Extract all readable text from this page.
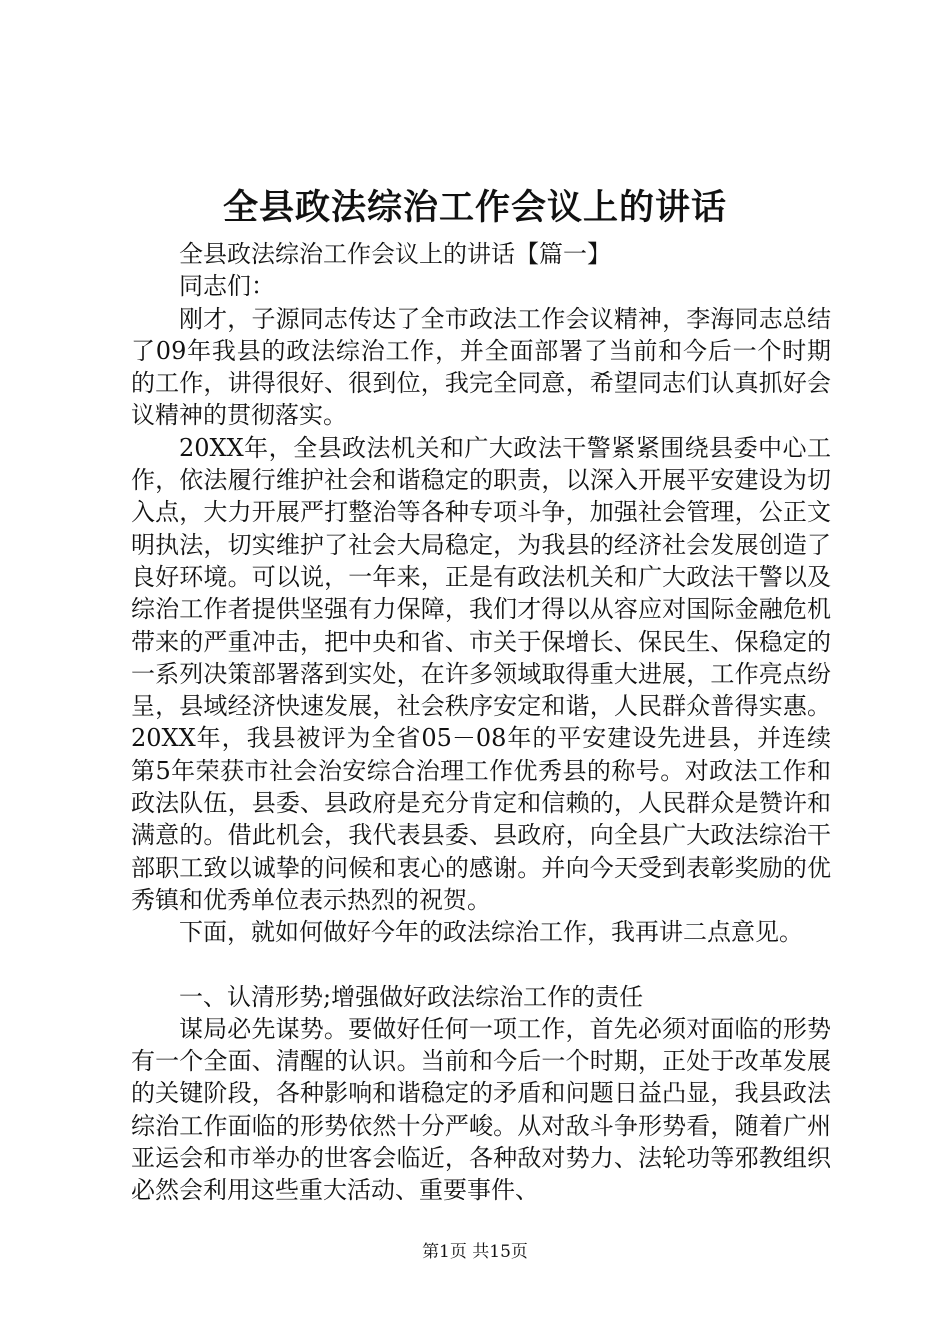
全县政法综治工作会议上的讲话

全县政法综治工作会议上的讲话【篇一】

同志们：

刚才，子源同志传达了全市政法工作会议精神，李海同志总结了09年我县的政法综治工作，并全面部署了当前和今后一个时期的工作，讲得很好、很到位，我完全同意，希望同志们认真抓好会议精神的贯彻落实。

20XX年，全县政法机关和广大政法干警紧紧围绕县委中心工作，依法履行维护社会和谐稳定的职责，以深入开展平安建设为切入点，大力开展严打整治等各种专项斗争，加强社会管理，公正文明执法，切实维护了社会大局稳定，为我县的经济社会发展创造了良好环境。可以说，一年来，正是有政法机关和广大政法干警以及综治工作者提供坚强有力保障，我们才得以从容应对国际金融危机带来的严重冲击，把中央和省、市关于保增长、保民生、保稳定的一系列决策部署落到实处，在许多领域取得重大进展，工作亮点纷呈，县域经济快速发展，社会秩序安定和谐，人民群众普得实惠。20XX年，我县被评为全省05－08年的平安建设先进县，并连续第5年荣获市社会治安综合治理工作优秀县的称号。对政法工作和政法队伍，县委、县政府是充分肯定和信赖的，人民群众是赞许和满意的。借此机会，我代表县委、县政府，向全县广大政法综治干部职工致以诚挚的问候和衷心的感谢。并向今天受到表彰奖励的优秀镇和优秀单位表示热烈的祝贺。

下面，就如何做好今年的政法综治工作，我再讲二点意见。

一、认清形势;增强做好政法综治工作的责任

谋局必先谋势。要做好任何一项工作，首先必须对面临的形势有一个全面、清醒的认识。当前和今后一个时期，正处于改革发展的关键阶段，各种影响和谐稳定的矛盾和问题日益凸显，我县政法综治工作面临的形势依然十分严峻。从对敌斗争形势看，随着广州亚运会和市举办的世客会临近，各种敌对势力、法轮功等邪教组织必然会利用这些重大活动、重要事件、

第1页 共15页
